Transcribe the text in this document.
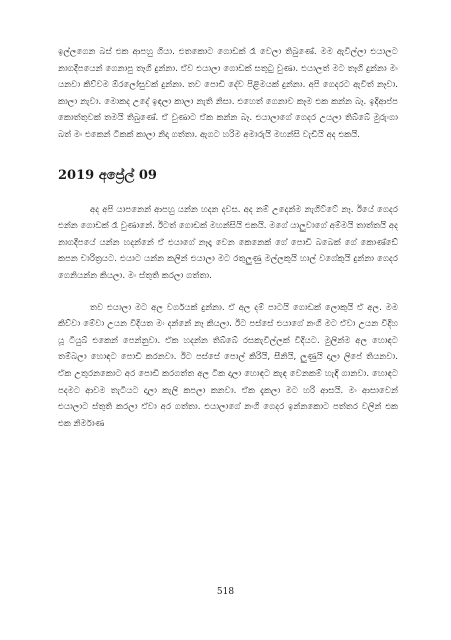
ඉල්ලගෙන බස් එක ආපහු ගියා. එතකොට ගොඩක් රෑ වෙලා තිබුණේ. මම ඇවිල්ලා එයාලට නාගදීපයෙන් ගෙනාපු තෑගි දුන්නා. ඒව එයාලා ගොඩක් සතුටු වුණා. එයාලත් මට තෑගි දුන්නා මං යනවා කිව්වම ඕරලෝසුවක් දුන්නා. තව පොඩි දේව පිළිමයක් දුන්නා. අපි ගෙදරට ඇවිත් නෑවා. කාලා නැවා. මොකද උදේ ඉඳලා කාලා නැති නිසා. එහෙත් ගෙනාව කෑම එක කන්න බෑ. ඉදිආප්ප කොත්තුවක් තමයි තිබුණේ. ඒ වුණාට ඒක කන්න බෑ. එයාලාගේ ගෙදර උයලා තිබ්බේ මුරුංගා බත් මං එකෙන් ටිකක් කාලා නිදා ගත්තා. ඇගට හරිම අමාරුයි මහන්සි වැඩියි අද එකයි.

2019 අප්‍රේල් 09

අද අපි යාපනෙන් ආපහු යන්න හදන දවස. අද නම් උදෙන්ම නැගිට්ටේ නෑ. ඊයේ ගෙදර එන්න ගොඩක් රෑ වුණානේ. ඊටත් ගොඩක් මහන්සියි එකයි. මගේ යාලුවාගේ අම්මයි තාත්තයි අද නාගදීපයේ යන්න හදන්නේ ඒ එයාගේ නෑදෑ වෙන කෙනෙක් ගේ පොඩි බබෙක් ගේ කොණ්ඩේ කපන චාරිත්‍රයට. එයාට යන්න කලින් එයාලා මට රතුලුණු මල්ලකුයි හාල් වගේකුයි දුන්නා ගෙදර ගෙනියන්න කියලා. මං ස්තුති කරලා ගත්තා.

තව එයාලා මට අල වර්ගයක් දුන්නා. ඒ අල දම් පාටයි ගොඩක් ලොකුයි ඒ අල. මම කිව්වා මේවා උයන විදියත මං දන්නේ නෑ කියලා. ඊට පස්සේ එයාගේ නංගි මට ඒවා උයන විදිහ යූ ටියුබ් එකෙන් පෙන්නුවා. ඒක හදන්න තිබ්බේ රසකැවිල්ලක් විදියට. මුලින්ම අල හොඳට තම්බලා හොඳට පොඩි කරනවා. ඊට පස්සේ පොල් කිරියි, සීනියි, ලුණුයි දාලා ලිපේ තියනවා. ඒක උතුරනකොට අර පොඩි කරගත්ත අල ටික දාලා හොඳට කැඳ වෙනකම් හැඳි ගානවා. හොඳට පදමට ආවම තැටියට දාලා කැලි කපලා කනවා. ඒක දැකලා මට හරි ආසයි. මං ආසාවෙන් එයාලාට ස්තුති කරලා ඒවා අර ගත්තා. එයාලාගේ නංගි ගෙදර ඉන්නකොට පත්තර වලින් එක එක නිර්මාණ

518
